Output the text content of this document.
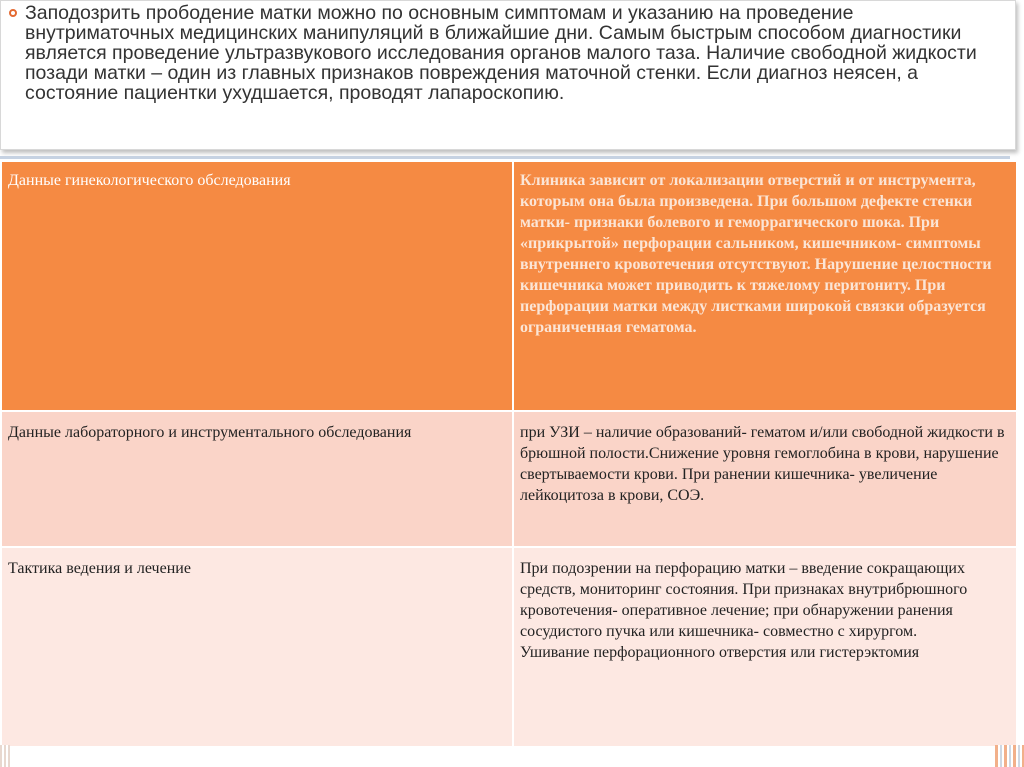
Заподозрить прободение матки можно по основным симптомам и указанию на проведение внутриматочных медицинских манипуляций в ближайшие дни. Самым быстрым способом диагностики является проведение ультразвукового исследования органов малого таза. Наличие свободной жидкости позади матки – один из главных признаков повреждения маточной стенки. Если диагноз неясен, а состояние пациентки ухудшается, проводят лапароскопию.

Данные гинекологического обследования	Клиника зависит от локализации отверстий и от инструмента, которым она была произведена. При большом дефекте стенки матки- признаки болевого и геморрагического шока. При «прикрытой» перфорации сальником, кишечником- симптомы внутреннего кровотечения отсутствуют. Нарушение целостности кишечника может приводить к тяжелому перитониту. При перфорации матки между листками широкой связки образуется ограниченная гематома.
Данные лабораторного и инструментального обследования	при УЗИ – наличие образований- гематом и/или свободной жидкости в брюшной полости.Снижение уровня гемоглобина в крови, нарушение свертываемости крови. При ранении кишечника- увеличение лейкоцитоза в крови, СОЭ.
Тактика ведения и лечение	При подозрении на перфорацию матки – введение сокращающих средств, мониторинг состояния. При признаках внутрибрюшного кровотечения- оперативное лечение; при обнаружении ранения сосудистого пучка или кишечника- совместно с хирургом.
Ушивание перфорационного отверстия или гистерэктомия
